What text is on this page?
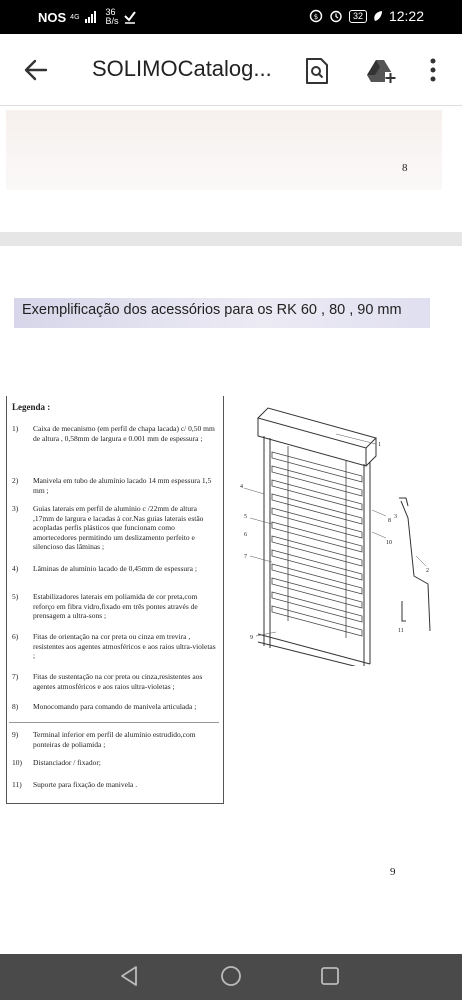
NOS 4G	36
B/s	$	32 12:22
SOLIMOCatalog...
8
Exemplificação dos acessórios para os RK 60 , 80 , 90 mm
Legenda :
1) Caixa de mecanismo (em perfil de chapa lacada) c/ 0,50 mm de altura , 0,58mm de largura e 0.001 mm de espessura ;
2) Manivela em tubo de alumínio lacado 14 mm espessura 1,5 mm ;
3) Guias laterais em perfil de alumínio c /22mm de altura ,17mm de largura e lacadas à cor.Nas guias laterais estão acopladas perfis plásticos que funcionam como amortecedores permitindo um deslizamento perfeito e silencioso das lâminas ;
4) Lâminas de alumínio lacado de 0,45mm de espessura ;
5) Estabilizadores laterais em poliamida de cor preta,com reforço em fibra vidro,fixado em três pontes através de prensagem a ultra-sons ;
6) Fitas de orientação na cor preta ou cinza em trevira , resistentes aos agentes atmosféricos e aos raios ultra-violetas ;
7) Fitas de sustentação na cor preta ou cinza,resistentes aos agentes atmosféricos e aos raios ultra-violetas ;
8) Monocomando para comando de manivela articulada ;
9) Terminal inferior em perfil de alumínio estrudido,com ponteiras de poliamida ;
10) Distanciador / fixador;
11) Suporte para fixação de manivela .
1
2
3
4
5
6
7
8
9
10
11
9
